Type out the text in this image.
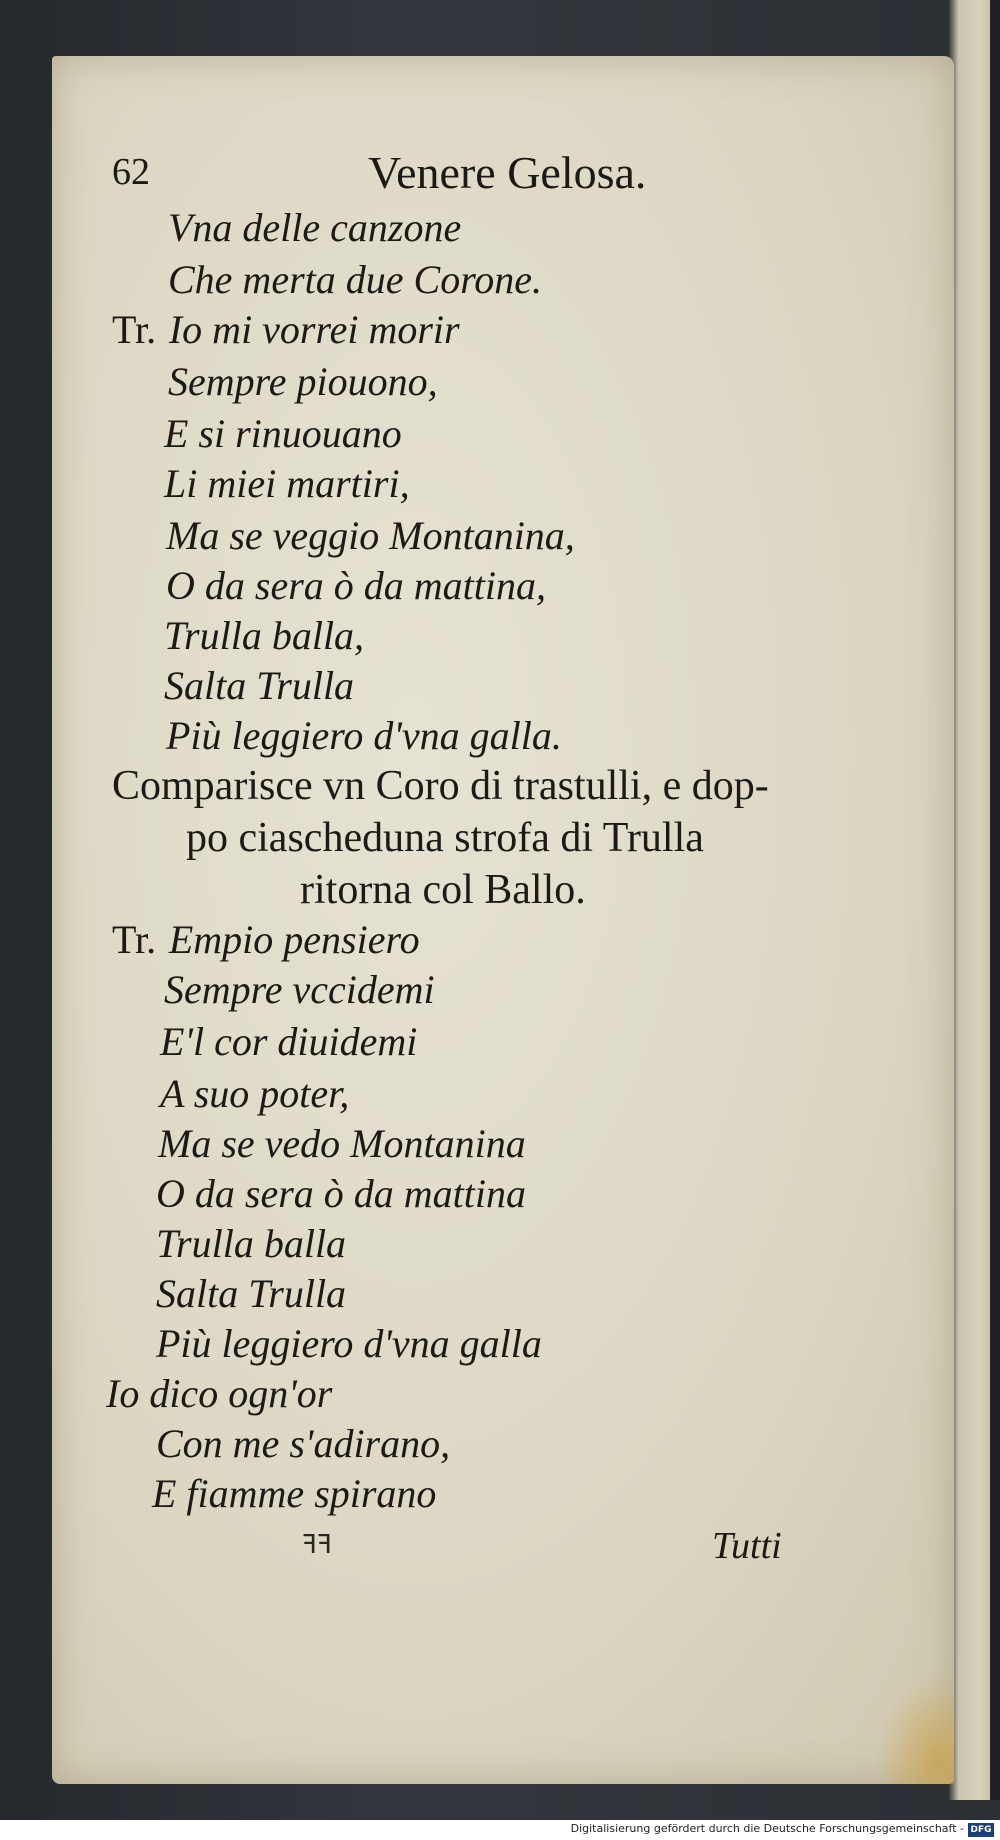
62	Venere Gelosa.
Vna delle canzone
Che merta due Corone.
Tr. Io mi vorrei morir
Sempre piouono,
E si rinuouano
Li miei martiri,
Ma se veggio Montanina,
O da sera ò da mattina,
Trulla balla,
Salta Trulla
Più leggiero d'vna galla.
Comparisce vn Coro di trastulli, e dop-
po ciascheduna strofa di Trulla
ritorna col Ballo.
Tr. Empio pensiero
Sempre vccidemi
E'l cor diuidemi
A suo poter,
Ma se vedo Montanina
O da sera ò da mattina
Trulla balla
Salta Trulla
Più leggiero d'vna galla
Io dico ogn'or
Con me s'adirano,
E fiamme spirano
ꟻꟻ	Tutti
Digitalisierung gefördert durch die Deutsche Forschungsgemeinschaft - DFG
